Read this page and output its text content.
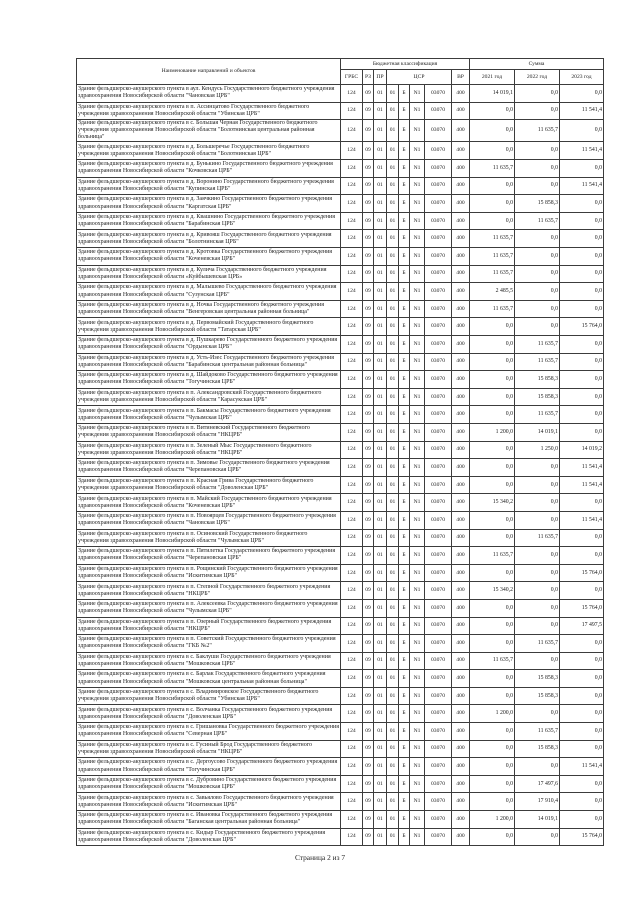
Наименование направлений и объектов	Бюджетная классификация								Сумма		
	ГРБС	РЗ	ПР	ЦСР				ВР	2021 год	2022 год	2023 год
Здание фельдшерско-акушерского пункта в аул. Кендусь Государственного бюджетного учреждения здравоохранения Новосибирской области "Чановская ЦРБ"	124	09	01	01	Б	N1	03070	400	14 019,1	0,0	0,0
Здание фельдшерско-акушерского пункта в п. Ассинцатово Государственного бюджетного учреждения здравоохранения Новосибирской области "Убинская ЦРБ"	124	09	01	01	Б	N1	03070	400	0,0	0,0	11 541,4
Здание фельдшерско-акушерского пункта в с. Большая Черная Государственного бюджетного учреждения здравоохранения Новосибирской области "Болотнинская центральная районная больница"	124	09	01	01	Б	N1	03070	400	0,0	11 635,7	0,0
Здание фельдшерско-акушерского пункта в д. Большеречье Государственного бюджетного учреждения здравоохранения Новосибирской области "Болотнинская ЦРБ"	124	09	01	01	Б	N1	03070	400	0,0	0,0	11 541,4
Здание фельдшерско-акушерского пункта в д. Бунькино Государственного бюджетного учреждения здравоохранения Новосибирской области "Кочковская ЦРБ"	124	09	01	01	Б	N1	03070	400	11 635,7	0,0	0,0
Здание фельдшерско-акушерского пункта в д. Воронино Государственного бюджетного учреждения здравоохранения Новосибирской области "Купинская ЦРБ"	124	09	01	01	Б	N1	03070	400	0,0	0,0	11 541,4
Здание фельдшерско-акушерского пункта в д. Заячкино Государственного бюджетного учреждения здравоохранения Новосибирской области "Каргатская ЦРБ"	124	09	01	01	Б	N1	03070	400	0,0	15 858,3	0,0
Здание фельдшерско-акушерского пункта в д. Квашнино Государственного бюджетного учреждения здравоохранения Новосибирской области "Барабинская ЦРБ"	124	09	01	01	Б	N1	03070	400	0,0	11 635,7	0,0
Здание фельдшерско-акушерского пункта в д. Кривояш Государственного бюджетного учреждения здравоохранения Новосибирской области "Болотнинская ЦРБ"	124	09	01	01	Б	N1	03070	400	11 635,7	0,0	0,0
Здание фельдшерско-акушерского пункта в д. Кротовка Государственного бюджетного учреждения здравоохранения Новосибирской области "Коченевская ЦРБ"	124	09	01	01	Б	N1	03070	400	11 635,7	0,0	0,0
Здание фельдшерско-акушерского пункта в д. Кулича Государственного бюджетного учреждения здравоохранения Новосибирской области «Куйбышевская ЦРБ»	124	09	01	01	Б	N1	03070	400	11 635,7	0,0	0,0
Здание фельдшерско-акушерского пункта в д. Малышево Государственного бюджетного учреждения здравоохранения Новосибирской области "Сузунская ЦРБ"	124	09	01	01	Б	N1	03070	400	2 485,5	0,0	0,0
Здание фельдшерско-акушерского пункта в д. Ночка Государственного бюджетного учреждения здравоохранения Новосибирской области "Венгеровская центральная районная больница"	124	09	01	01	Б	N1	03070	400	11 635,7	0,0	0,0
Здание фельдшерско-акушерского пункта в д. Первомайский Государственного бюджетного учреждения здравоохранения Новосибирской области "Татарская ЦРБ"	124	09	01	01	Б	N1	03070	400	0,0	0,0	15 764,0
Здание фельдшерско-акушерского пункта в д. Пушкарево Государственного бюджетного учреждения здравоохранения Новосибирской области "Ордынская ЦРБ"	124	09	01	01	Б	N1	03070	400	0,0	11 635,7	0,0
Здание фельдшерско-акушерского пункта в д. Усть-Изес Государственного бюджетного учреждения здравоохранения Новосибирской области "Барабинская центральная районная больница"	124	09	01	01	Б	N1	03070	400	0,0	11 635,7	0,0
Здание фельдшерско-акушерского пункта в д. Шайдоково Государственного бюджетного учреждения здравоохранения Новосибирской области "Тогучинская ЦРБ"	124	09	01	01	Б	N1	03070	400	0,0	15 858,3	0,0
Здание фельдшерско-акушерского пункта в п. Александровский Государственного бюджетного учреждения здравоохранения Новосибирской области "Карасукская ЦРБ"	124	09	01	01	Б	N1	03070	400	0,0	15 858,3	0,0
Здание фельдшерско-акушерского пункта в п. Бакмасы Государственного бюджетного учреждения здравоохранения Новосибирской области "Чулымская ЦРБ"	124	09	01	01	Б	N1	03070	400	0,0	11 635,7	0,0
Здание фельдшерско-акушерского пункта в п. Витиневский Государственного бюджетного учреждения здравоохранения Новосибирской области "НКЦРБ"	124	09	01	01	Б	N1	03070	400	1 200,0	14 019,1	0,0
Здание фельдшерско-акушерского пункта в п. Зеленый Мыс Государственного бюджетного учреждения здравоохранения Новосибирской области "НКЦРБ"	124	09	01	01	Б	N1	03070	400	0,0	1 250,0	14 019,2
Здание фельдшерско-акушерского пункта в п. Зимовье Государственного бюджетного учреждения здравоохранения Новосибирской области "Черепановская ЦРБ"	124	09	01	01	Б	N1	03070	400	0,0	0,0	11 541,4
Здание фельдшерско-акушерского пункта в п. Красная Грива Государственного бюджетного учреждения здравоохранения Новосибирской области "Доволенская ЦРБ"	124	09	01	01	Б	N1	03070	400	0,0	0,0	11 541,4
Здание фельдшерско-акушерского пункта в п. Майский Государственного бюджетного учреждения здравоохранения Новосибирской области "Коченевская ЦРБ"	124	09	01	01	Б	N1	03070	400	15 340,2	0,0	0,0
Здание фельдшерско-акушерского пункта в п. Новоярцев Государственного бюджетного учреждения здравоохранения Новосибирской области "Чановская ЦРБ"	124	09	01	01	Б	N1	03070	400	0,0	0,0	11 541,4
Здание фельдшерско-акушерского пункта в п. Осиновский Государственного бюджетного учреждения здравоохранения Новосибирской области "Чулымская ЦРБ"	124	09	01	01	Б	N1	03070	400	0,0	11 635,7	0,0
Здание фельдшерско-акушерского пункта в п. Пятилетка Государственного бюджетного учреждения здравоохранения Новосибирской области "Черепановская ЦРБ"	124	09	01	01	Б	N1	03070	400	11 635,7	0,0	0,0
Здание фельдшерско-акушерского пункта в п. Рощинский Государственного бюджетного учреждения здравоохранения Новосибирской области "Искитимская ЦРБ"	124	09	01	01	Б	N1	03070	400	0,0	0,0	15 764,0
Здание фельдшерско-акушерского пункта в п. Степной Государственного бюджетного учреждения здравоохранения Новосибирской области "НКЦРБ"	124	09	01	01	Б	N1	03070	400	15 340,2	0,0	0,0
Здание фельдшерско-акушерского пункта в п. Алексеевка Государственного бюджетного учреждения здравоохранения Новосибирской области "Чулымская ЦРБ"	124	09	01	01	Б	N1	03070	400	0,0	0,0	15 764,0
Здание фельдшерско-акушерского пункта в п. Озерный Государственного бюджетного учреждения здравоохранения Новосибирской области "НКЦРБ"	124	09	01	01	Б	N1	03070	400	0,0	0,0	17 497,5
Здание фельдшерско-акушерского пункта в п. Советский Государственного бюджетного учреждения здравоохранения Новосибирской области "ГКБ №2"	124	09	01	01	Б	N1	03070	400	0,0	11 635,7	0,0
Здание фельдшерско-акушерского пункта в с. Баклуши Государственного бюджетного учреждения здравоохранения Новосибирской области "Мошковская ЦРБ"	124	09	01	01	Б	N1	03070	400	11 635,7	0,0	0,0
Здание фельдшерско-акушерского пункта в с. Барлак Государственного бюджетного учреждения здравоохранения Новосибирской области "Мошковская центральная районная больница"	124	09	01	01	Б	N1	03070	400	0,0	15 858,3	0,0
Здание фельдшерско-акушерского пункта в с. Владимировское Государственного бюджетного учреждения здравоохранения Новосибирской области "Убинская ЦРБ"	124	09	01	01	Б	N1	03070	400	0,0	15 858,3	0,0
Здание фельдшерско-акушерского пункта в с. Волчанка Государственного бюджетного учреждения здравоохранения Новосибирской области "Доволенская ЦРБ"	124	09	01	01	Б	N1	03070	400	1 200,0	0,0	0,0
Здание фельдшерско-акушерского пункта в с. Гришановка Государственного бюджетного учреждения здравоохранения Новосибирской области "Северная ЦРБ"	124	09	01	01	Б	N1	03070	400	0,0	11 635,7	0,0
Здание фельдшерско-акушерского пункта в с. Гусиный Брод Государственного бюджетного учреждения здравоохранения Новосибирской области "НКЦРБ"	124	09	01	01	Б	N1	03070	400	0,0	15 858,3	0,0
Здание фельдшерско-акушерского пункта в с. Дергоусово Государственного бюджетного учреждения здравоохранения Новосибирской области "Тогучинская ЦРБ"	124	09	01	01	Б	N1	03070	400	0,0	0,0	11 541,4
Здание фельдшерско-акушерского пункта в с. Дубровино Государственного бюджетного учреждения здравоохранения Новосибирской области "Мошковская ЦРБ"	124	09	01	01	Б	N1	03070	400	0,0	17 497,6	0,0
Здание фельдшерско-акушерского пункта в с. Завьялово Государственного бюджетного учреждения здравоохранения Новосибирской области "Искитимская ЦРБ"	124	09	01	01	Б	N1	03070	400	0,0	17 910,4	0,0
Здание фельдшерско-акушерского пункта в с. Ивановка Государственного бюджетного учреждения здравоохранения Новосибирской области "Баганская центральная районная больница"	124	09	01	01	Б	N1	03070	400	1 200,0	14 019,1	0,0
Здание фельдшерско-акушерского пункта в с. Кидыр Государственного бюджетного учреждения здравоохранения Новосибирской области "Доволенская ЦРБ"	124	09	01	01	Б	N1	03070	400	0,0	0,0	15 764,0
Страница 2 из 7
